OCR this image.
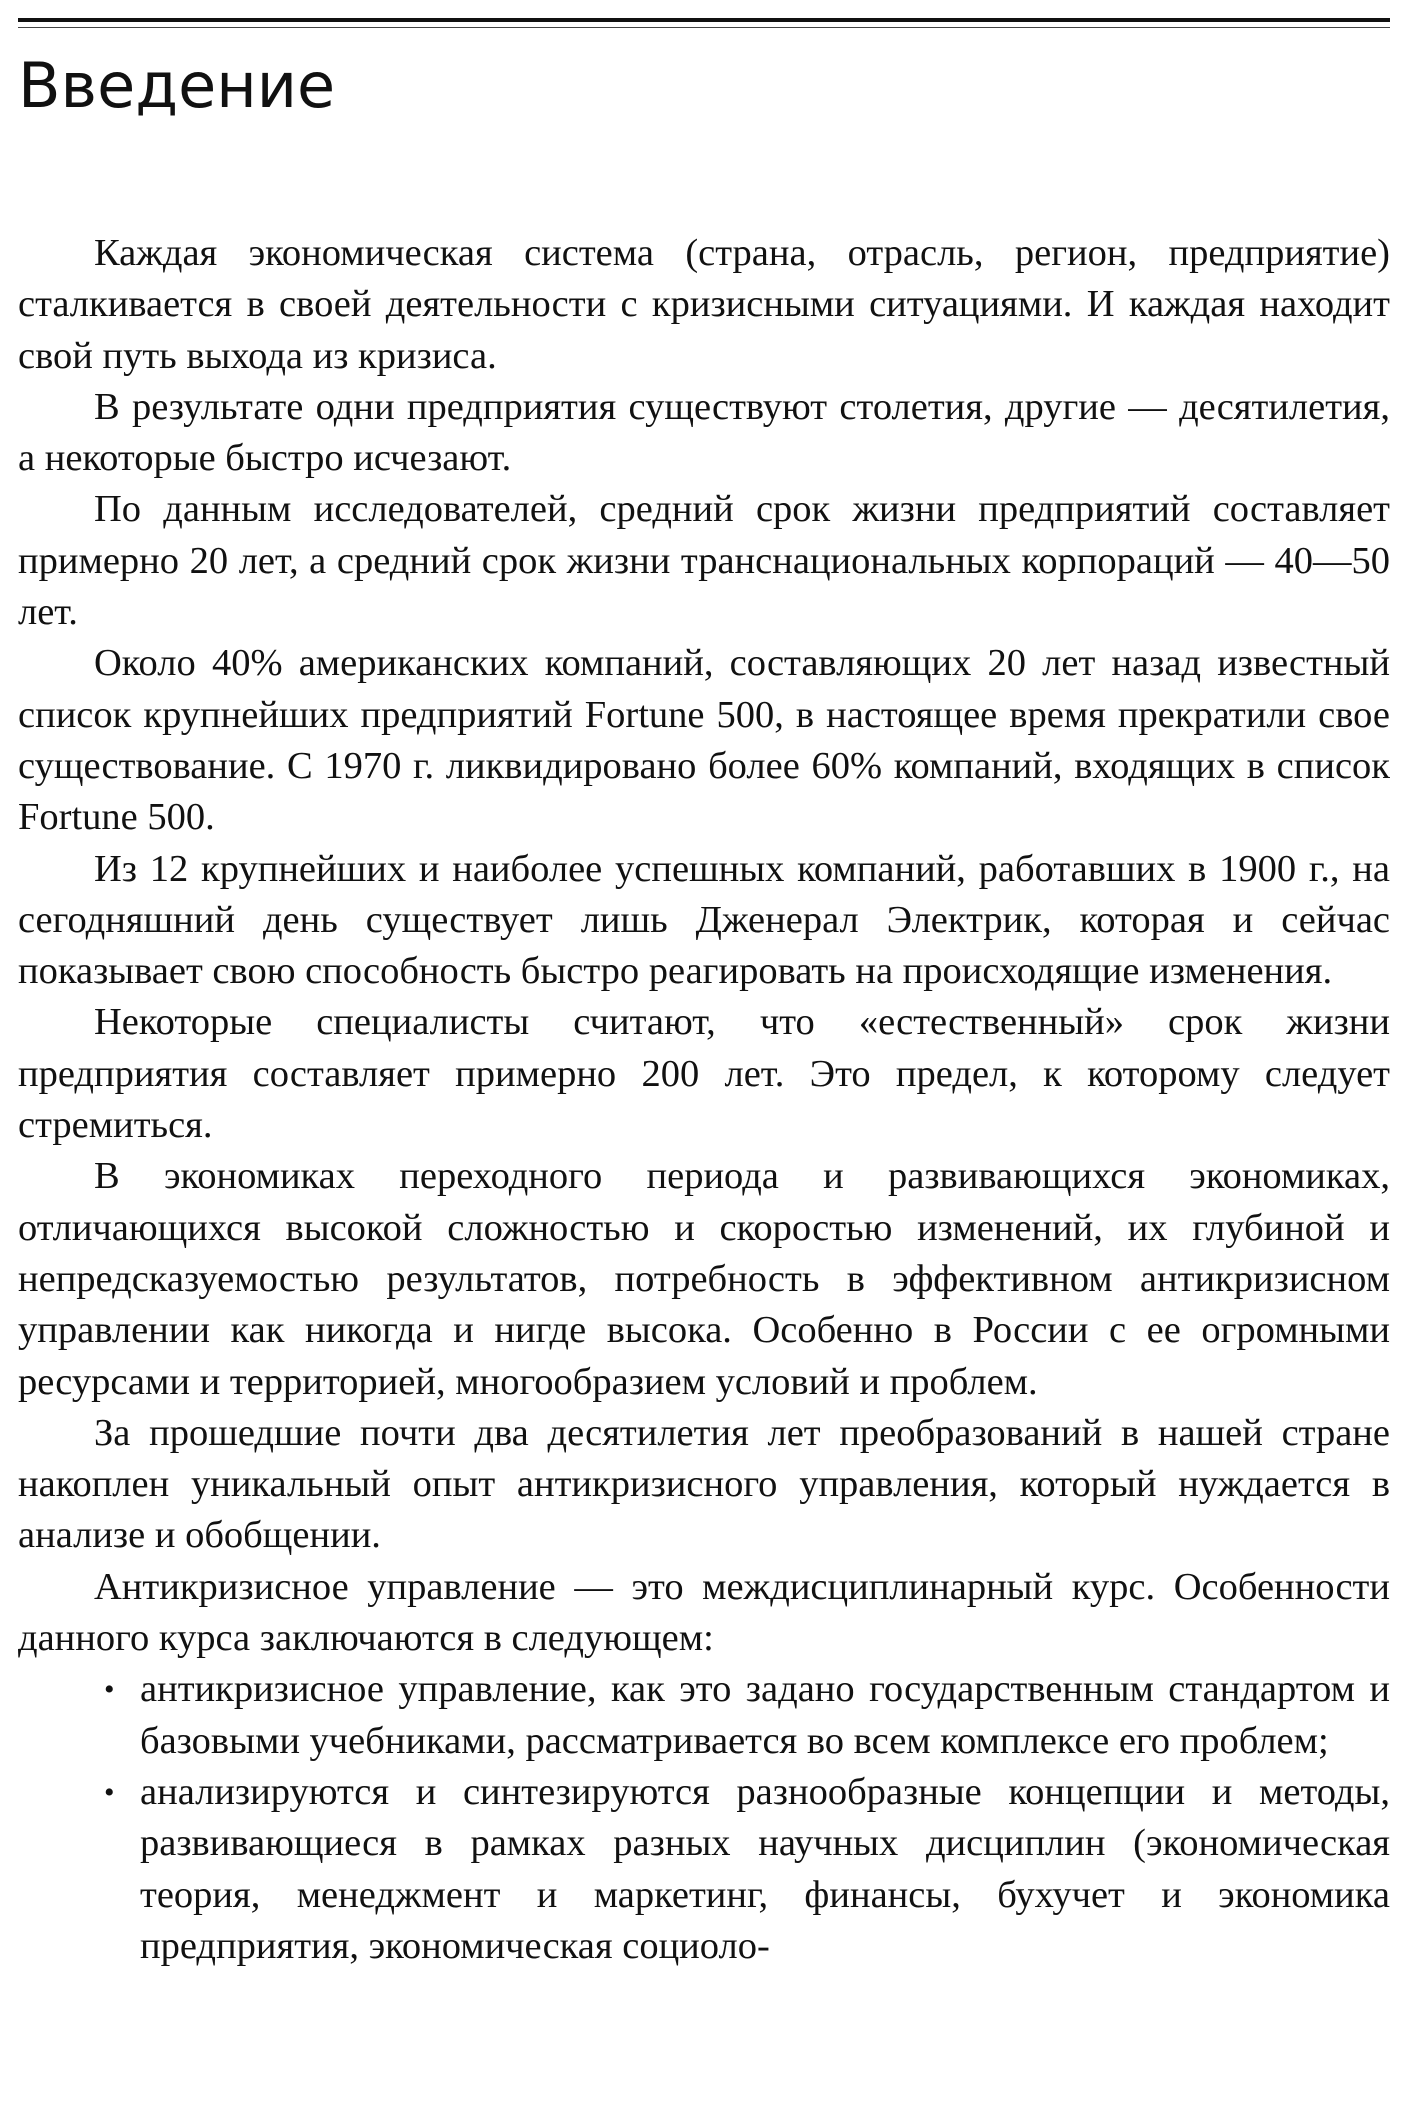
Введение

Каждая экономическая система (страна, отрасль, регион, предприятие) сталкивается в своей деятельности с кризисными ситуациями. И каждая находит свой путь выхода из кризиса.

В результате одни предприятия существуют столетия, другие — десятилетия, а некоторые быстро исчезают.

По данным исследователей, средний срок жизни предприятий составляет примерно 20 лет, а средний срок жизни транснациональных корпораций — 40—50 лет.

Около 40% американских компаний, составляющих 20 лет назад известный список крупнейших предприятий Fortune 500, в настоящее время прекратили свое существование. С 1970 г. ликвидировано более 60% компаний, входящих в список Fortune 500.

Из 12 крупнейших и наиболее успешных компаний, работавших в 1900 г., на сегодняшний день существует лишь Дженерал Электрик, которая и сейчас показывает свою способность быстро реагировать на происходящие изменения.

Некоторые специалисты считают, что «естественный» срок жизни предприятия составляет примерно 200 лет. Это предел, к которому следует стремиться.

В экономиках переходного периода и развивающихся экономиках, отличающихся высокой сложностью и скоростью изменений, их глубиной и непредсказуемостью результатов, потребность в эффективном антикризисном управлении как никогда и нигде высока. Особенно в России с ее огромными ресурсами и территорией, многообразием условий и проблем.

За прошедшие почти два десятилетия лет преобразований в нашей стране накоплен уникальный опыт антикризисного управления, который нуждается в анализе и обобщении.

Антикризисное управление — это междисциплинарный курс. Особенности данного курса заключаются в следующем:

• антикризисное управление, как это задано государственным стандартом и базовыми учебниками, рассматривается во всем комплексе его проблем;
• анализируются и синтезируются разнообразные концепции и методы, развивающиеся в рамках разных научных дисциплин (экономическая теория, менеджмент и маркетинг, финансы, бухучет и экономика предприятия, экономическая социоло-
